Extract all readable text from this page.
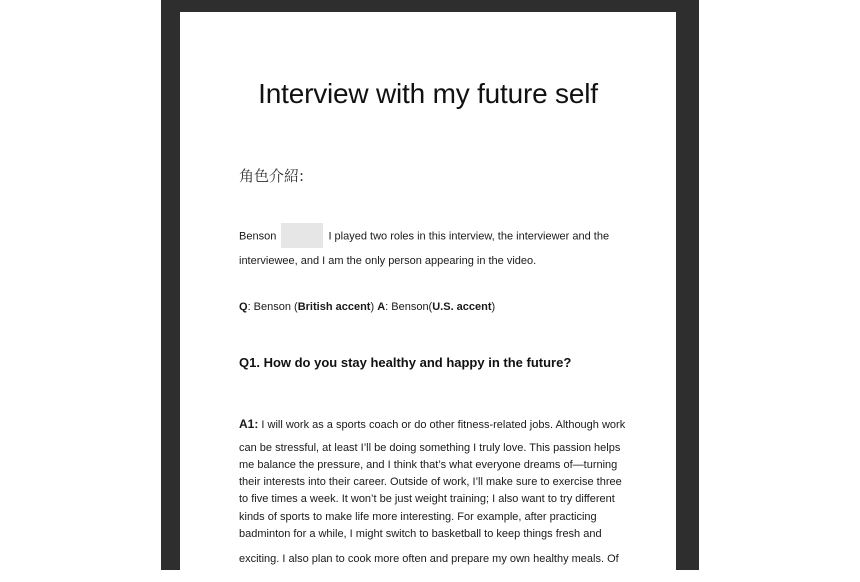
Interview with my future self
角色介紹:
Benson	I played two roles in this interview, the interviewer and the
interviewee, and I am the only person appearing in the video.
Q: Benson (British accent) A: Benson(U.S. accent)
Q1. How do you stay healthy and happy in the future?
A1: I will work as a sports coach or do other fitness-related jobs. Although work
can be stressful, at least I’ll be doing something I truly love. This passion helps
me balance the pressure, and I think that’s what everyone dreams of—turning
their interests into their career. Outside of work, I’ll make sure to exercise three
to five times a week. It won’t be just weight training; I also want to try different
kinds of sports to make life more interesting. For example, after practicing
badminton for a while, I might switch to basketball to keep things fresh and
exciting. I also plan to cook more often and prepare my own healthy meals. Of
